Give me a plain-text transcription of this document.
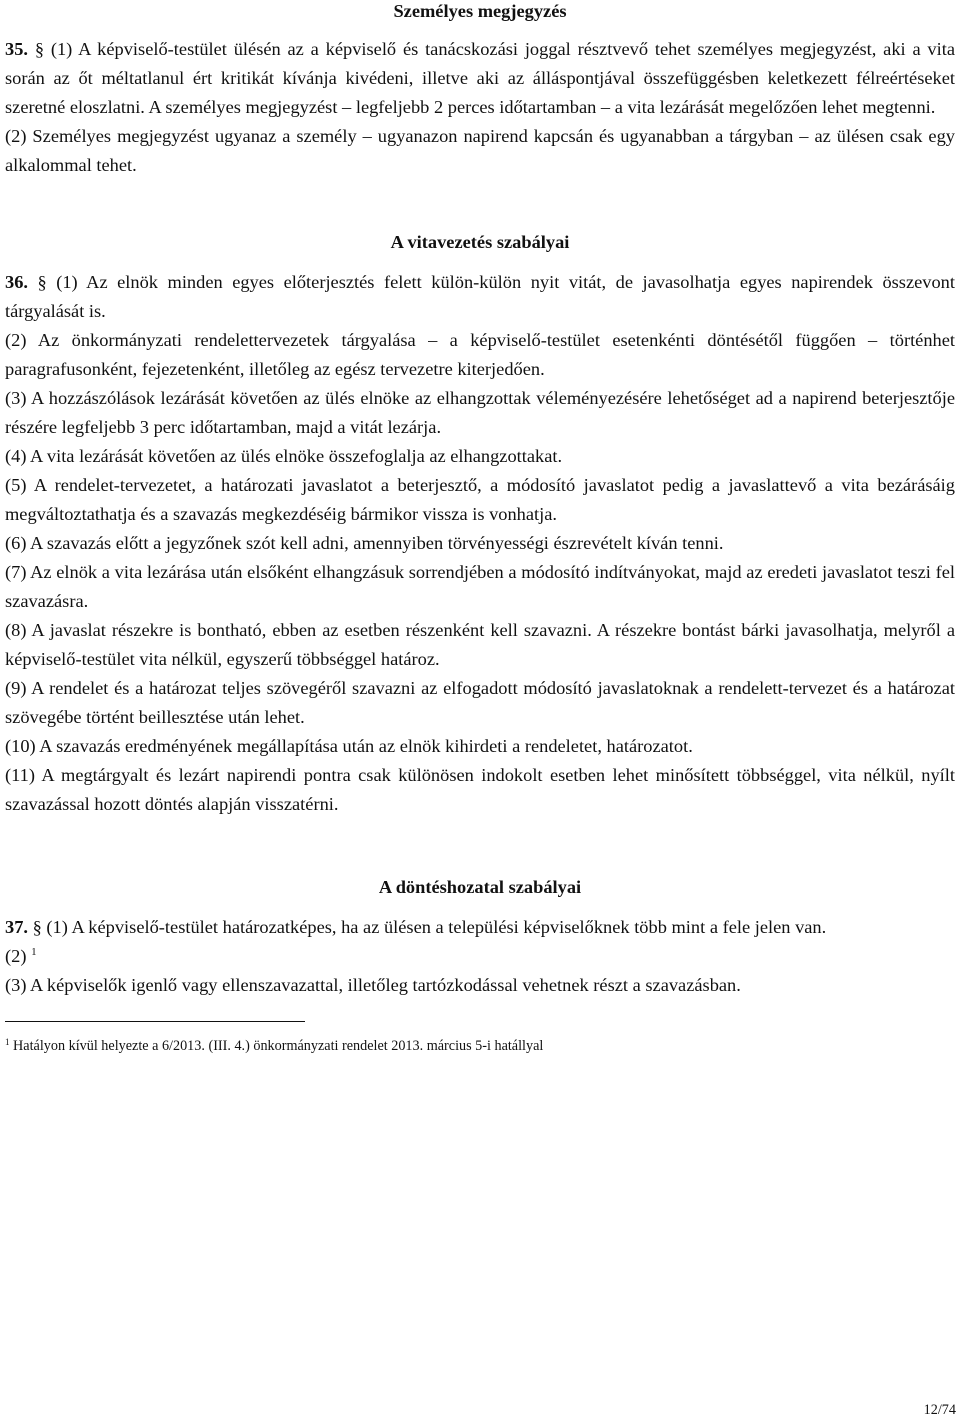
Személyes megjegyzés

35. § (1) A képviselő-testület ülésén az a képviselő és tanácskozási joggal résztvevő tehet személyes megjegyzést, aki a vita során az őt méltatlanul ért kritikát kívánja kivédeni, illetve aki az álláspontjával összefüggésben keletkezett félreértéseket szeretné eloszlatni. A személyes megjegyzést – legfeljebb 2 perces időtartamban – a vita lezárását megelőzően lehet megtenni.

(2) Személyes megjegyzést ugyanaz a személy – ugyanazon napirend kapcsán és ugyanabban a tárgyban – az ülésen csak egy alkalommal tehet.

A vitavezetés szabályai

36. § (1) Az elnök minden egyes előterjesztés felett külön-külön nyit vitát, de javasolhatja egyes napirendek összevont tárgyalását is.

(2) Az önkormányzati rendelettervezetek tárgyalása – a képviselő-testület esetenkénti döntésétől függően – történhet paragrafusonként, fejezetenként, illetőleg az egész tervezetre kiterjedően.

(3) A hozzászólások lezárását követően az ülés elnöke az elhangzottak véleményezésére lehetőséget ad a napirend beterjesztője részére legfeljebb 3 perc időtartamban, majd a vitát lezárja.

(4) A vita lezárását követően az ülés elnöke összefoglalja az elhangzottakat.

(5) A rendelet-tervezetet, a határozati javaslatot a beterjesztő, a módosító javaslatot pedig a javaslattevő a vita bezárásáig megváltoztathatja és a szavazás megkezdéséig bármikor vissza is vonhatja.

(6) A szavazás előtt a jegyzőnek szót kell adni, amennyiben törvényességi észrevételt kíván tenni.

(7) Az elnök a vita lezárása után elsőként elhangzásuk sorrendjében a módosító indítványokat, majd az eredeti javaslatot teszi fel szavazásra.

(8) A javaslat részekre is bontható, ebben az esetben részenként kell szavazni. A részekre bontást bárki javasolhatja, melyről a képviselő-testület vita nélkül, egyszerű többséggel határoz.

(9) A rendelet és a határozat teljes szövegéről szavazni az elfogadott módosító javaslatoknak a rendelett-tervezet és a határozat szövegébe történt beillesztése után lehet.

(10) A szavazás eredményének megállapítása után az elnök kihirdeti a rendeletet, határozatot.

(11) A megtárgyalt és lezárt napirendi pontra csak különösen indokolt esetben lehet minősített többséggel, vita nélkül, nyílt szavazással hozott döntés alapján visszatérni.

A döntéshozatal szabályai

37. § (1) A képviselő-testület határozatképes, ha az ülésen a települési képviselőknek több mint a fele jelen van.

(2) $^1$

(3) A képviselők igenlő vagy ellenszavazattal, illetőleg tartózkodással vehetnek részt a szavazásban.

$^1$ Hatályon kívül helyezte a 6/2013. (III. 4.) önkormányzati rendelet 2013. március 5-i hatállyal
12/74
